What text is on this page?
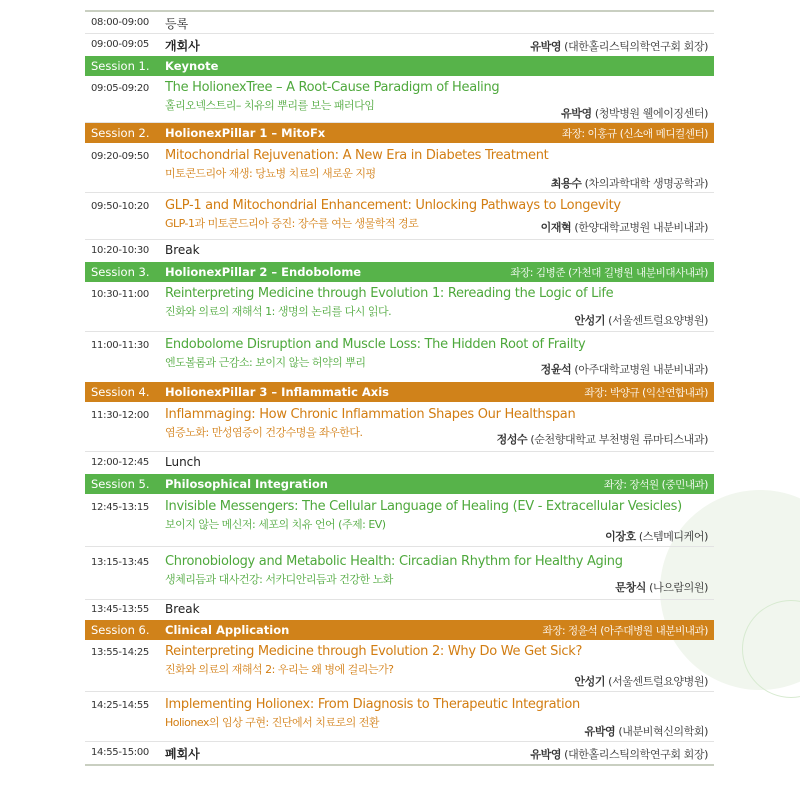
08:00-09:00 등록
09:00-09:05 개회사	유박영 (대한홀리스틱의학연구회 회장)
Session 1. Keynote
09:05-09:20 The HolionexTree – A Root-Cause Paradigm of Healing
홀리오넥스트리– 치유의 뿌리를 보는 패러다임
유박영 (청박병원 웰에이징센터)
Session 2. HolionexPillar 1 – MitoFx	좌장: 이홍규 (신소애 메디컬센터)
09:20-09:50 Mitochondrial Rejuvenation: A New Era in Diabetes Treatment
미토콘드리아 재생: 당뇨병 치료의 새로운 지평
최용수 (차의과학대학 생명공학과)
09:50-10:20 GLP-1 and Mitochondrial Enhancement: Unlocking Pathways to Longevity
GLP-1과 미토콘드리아 증진: 장수를 여는 생물학적 경로	이재혁 (한양대학교병원 내분비내과)
10:20-10:30 Break
Session 3. HolionexPillar 2 – Endobolome	좌장: 김병준 (가천대 길병원 내분비대사내과)
10:30-11:00 Reinterpreting Medicine through Evolution 1: Rereading the Logic of Life
진화와 의료의 재해석 1: 생명의 논리를 다시 읽다.
안성기 (서울센트럴요양병원)
11:00-11:30 Endobolome Disruption and Muscle Loss: The Hidden Root of Frailty
엔도볼롬과 근감소: 보이지 않는 허약의 뿌리
정윤석 (아주대학교병원 내분비내과)
Session 4. HolionexPillar 3 – Inflammatic Axis	좌장: 박양규 (익산연합내과)
11:30-12:00 Inflammaging: How Chronic Inflammation Shapes Our Healthspan
염증노화: 만성염증이 건강수명을 좌우한다.
정성수 (순천향대학교 부천병원 류마티스내과)
12:00-12:45 Lunch
Session 5. Philosophical Integration	좌장: 장석원 (중민내과)
12:45-13:15 Invisible Messengers: The Cellular Language of Healing (EV - Extracellular Vesicles)
보이지 않는 메신저: 세포의 치유 언어 (주제: EV)
이장호 (스템메디케어)
13:15-13:45 Chronobiology and Metabolic Health: Circadian Rhythm for Healthy Aging
생체리듬과 대사건강: 서카디안리듬과 건강한 노화
문창식 (나으람의원)
13:45-13:55 Break
Session 6. Clinical Application	좌장: 정윤석 (아주대병원 내분비내과)
13:55-14:25 Reinterpreting Medicine through Evolution 2: Why Do We Get Sick?
진화와 의료의 재해석 2: 우리는 왜 병에 걸리는가?
안성기 (서울센트럴요양병원)
14:25-14:55 Implementing Holionex: From Diagnosis to Therapeutic Integration
Holionex의 임상 구현: 진단에서 치료로의 전환
유박영 (내분비혁신의학회)
14:55-15:00 폐회사	유박영 (대한홀리스틱의학연구회 회장)
